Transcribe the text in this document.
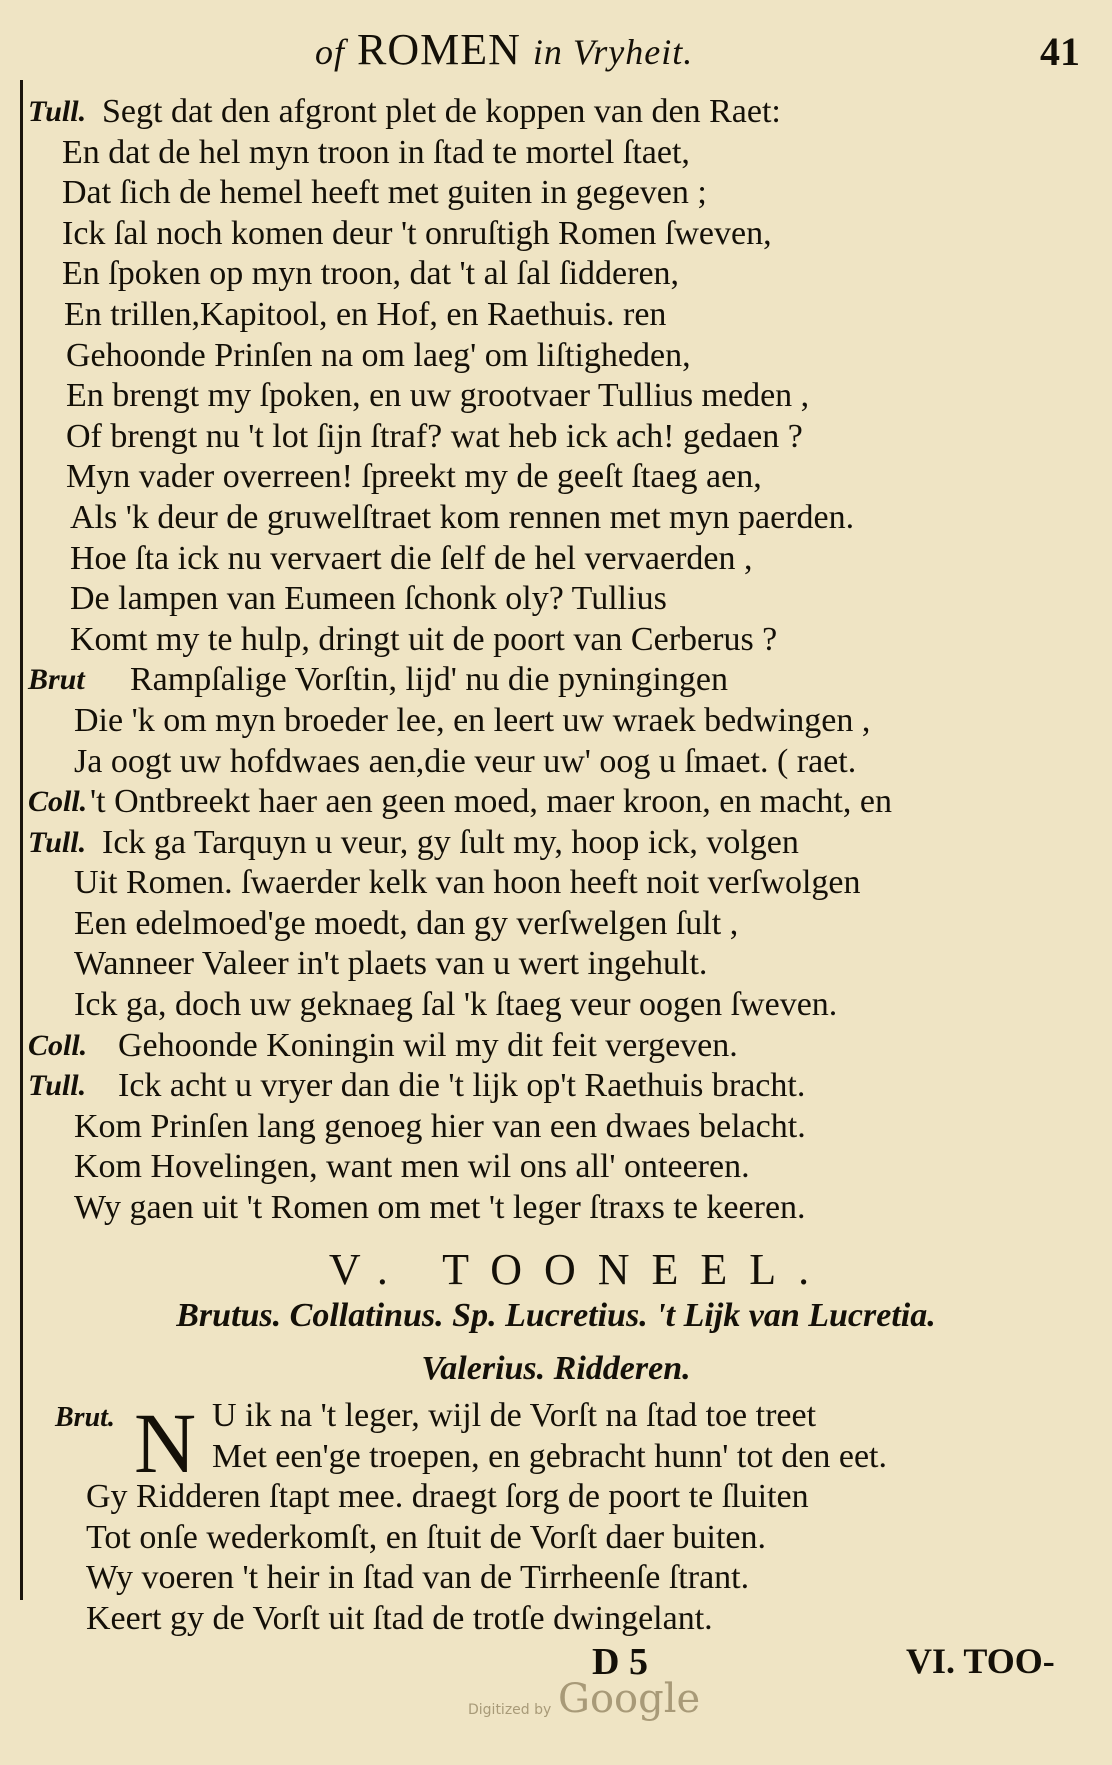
of ROMEN in Vryheit.	41
Tull. Segt dat den afgront plet de koppen van den Raet:
En dat de hel myn troon in ſtad te mortel ſtaet,
Dat ſich de hemel heeft met guiten in gegeven ;
Ick ſal noch komen deur 't onruſtigh Romen ſweven,
En ſpoken op myn troon, dat 't al ſal ſidderen,
En trillen,Kapitool, en Hof, en Raethuis. ren
Gehoonde Prinſen na om laeg' om liſtigheden,
En brengt my ſpoken, en uw grootvaer Tullius meden ,
Of brengt nu 't lot ſijn ſtraf? wat heb ick ach! gedaen ?
Myn vader overreen! ſpreekt my de geeſt ſtaeg aen,
Als 'k deur de gruwelſtraet kom rennen met myn paerden.
Hoe ſta ick nu vervaert die ſelf de hel vervaerden ,
De lampen van Eumeen ſchonk oly? Tullius
Komt my te hulp, dringt uit de poort van Cerberus ?
Brut Rampſalige Vorſtin, lijd' nu die pyningingen
Die 'k om myn broeder lee, en leert uw wraek bedwingen ,
Ja oogt uw hofdwaes aen,die veur uw' oog u ſmaet. ( raet.
Coll. 't Ontbreekt haer aen geen moed, maer kroon, en macht, en
Tull. Ick ga Tarquyn u veur, gy ſult my, hoop ick, volgen
Uit Romen. ſwaerder kelk van hoon heeft noit verſwolgen
Een edelmoed'ge moedt, dan gy verſwelgen ſult ,
Wanneer Valeer in't plaets van u wert ingehult.
Ick ga, doch uw geknaeg ſal 'k ſtaeg veur oogen ſweven.
Coll. Gehoonde Koningin wil my dit feit vergeven.
Tull. Ick acht u vryer dan die 't lijk op't Raethuis bracht.
Kom Prinſen lang genoeg hier van een dwaes belacht.
Kom Hovelingen, want men wil ons all' onteeren.
Wy gaen uit 't Romen om met 't leger ſtraxs te keeren.
V. TOONEEL.
Brutus. Collatinus. Sp. Lucretius. 't Lijk van Lucretia.
Valerius. Ridderen.
Brut. N U ik na 't leger, wijl de Vorſt na ſtad toe treet
Met een'ge troepen, en gebracht hunn' tot den eet.
Gy Ridderen ſtapt mee. draegt ſorg de poort te ſluiten
Tot onſe wederkomſt, en ſtuit de Vorſt daer buiten.
Wy voeren 't heir in ſtad van de Tirrheenſe ſtrant.
Keert gy de Vorſt uit ſtad de trotſe dwingelant.
D 5	VI. TOO-
Digitized by Google
